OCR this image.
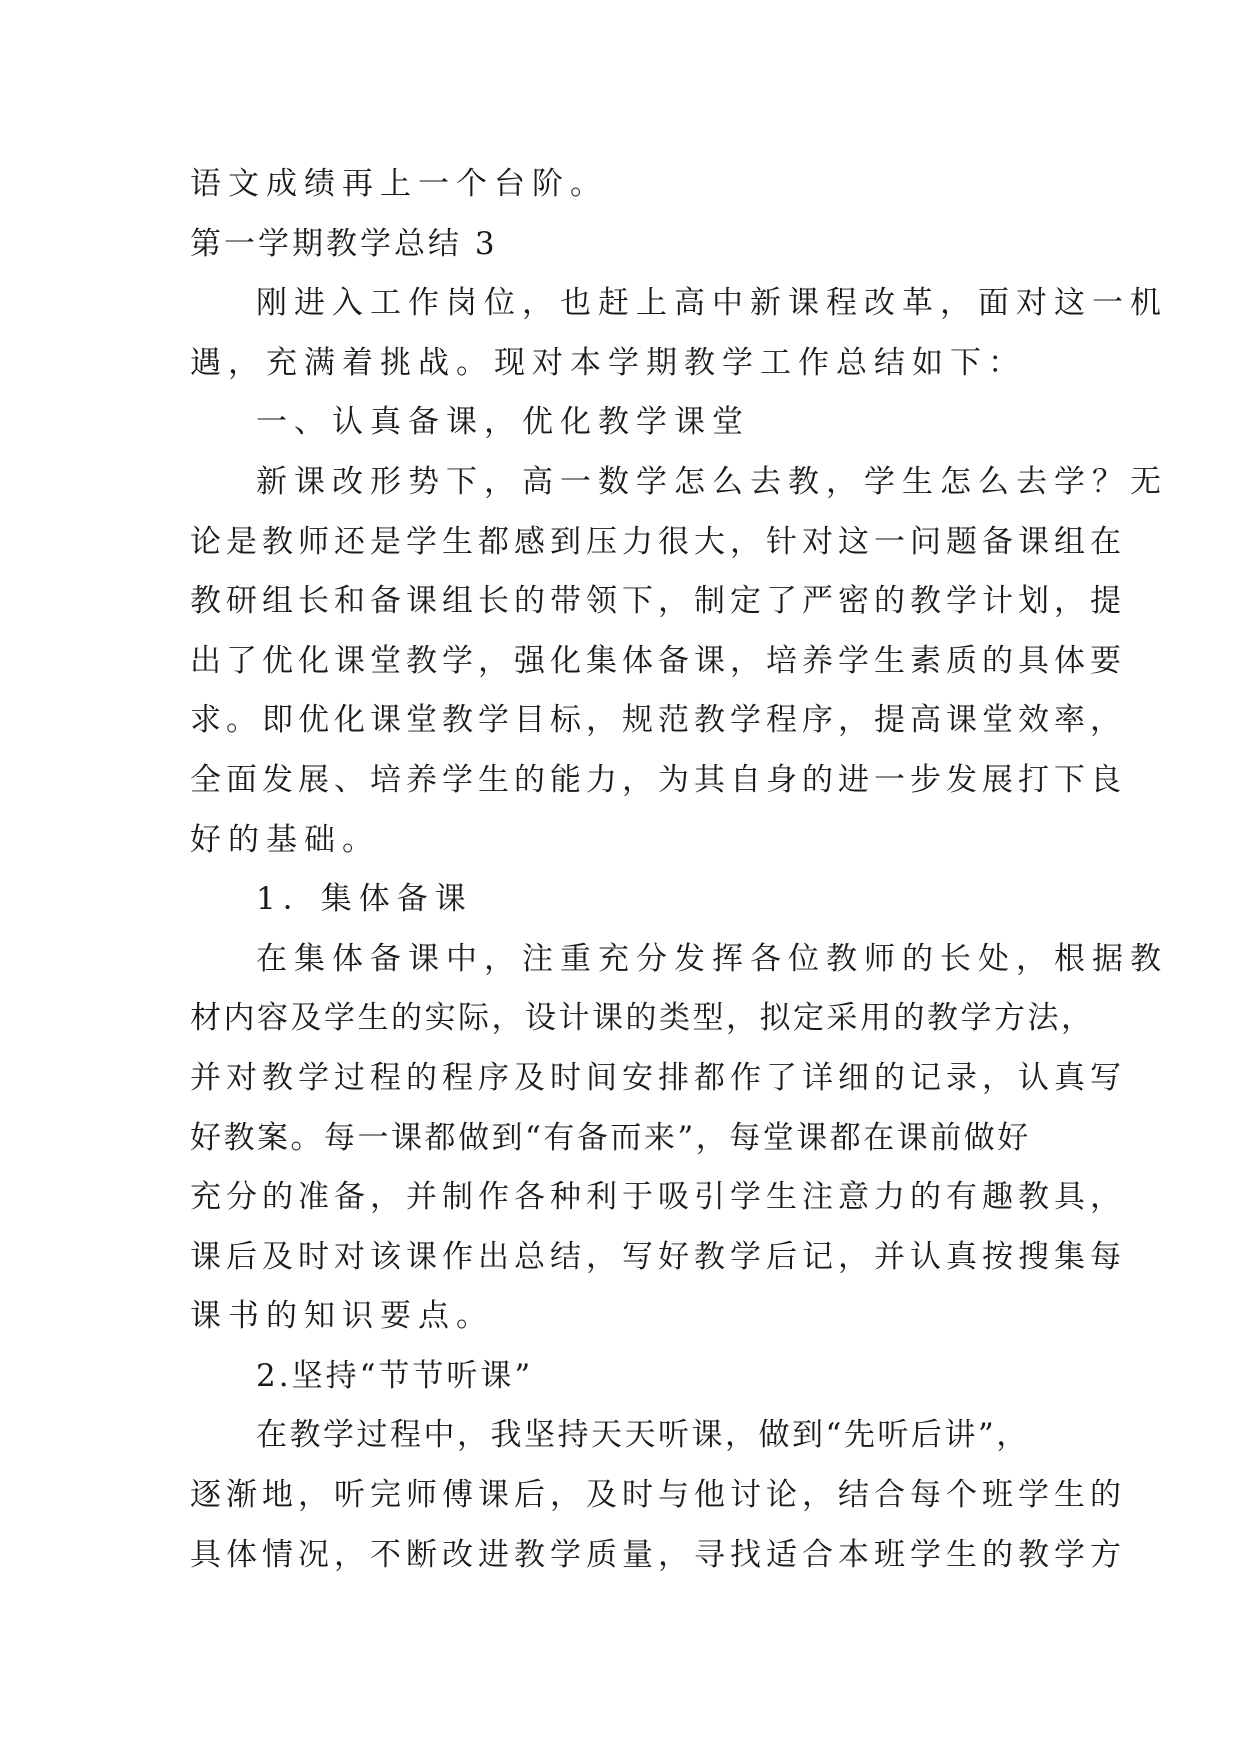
语文成绩再上一个台阶。
第一学期教学总结 3
刚进入工作岗位，也赶上高中新课程改革，面对这一机
遇，充满着挑战。现对本学期教学工作总结如下：
一、认真备课，优化教学课堂
新课改形势下，高一数学怎么去教，学生怎么去学？无
论是教师还是学生都感到压力很大，针对这一问题备课组在
教研组长和备课组长的带领下，制定了严密的教学计划，提
出了优化课堂教学，强化集体备课，培养学生素质的具体要
求。即优化课堂教学目标，规范教学程序，提高课堂效率，
全面发展、培养学生的能力，为其自身的进一步发展打下良
好的基础。
1．集体备课
在集体备课中，注重充分发挥各位教师的长处，根据教
材内容及学生的实际，设计课的类型，拟定采用的教学方法，
并对教学过程的程序及时间安排都作了详细的记录，认真写
好教案。每一课都做到“有备而来”，每堂课都在课前做好
充分的准备，并制作各种利于吸引学生注意力的有趣教具，
课后及时对该课作出总结，写好教学后记，并认真按搜集每
课书的知识要点。
2.坚持“节节听课”
在教学过程中，我坚持天天听课，做到“先听后讲”，
逐渐地，听完师傅课后，及时与他讨论，结合每个班学生的
具体情况，不断改进教学质量，寻找适合本班学生的教学方
